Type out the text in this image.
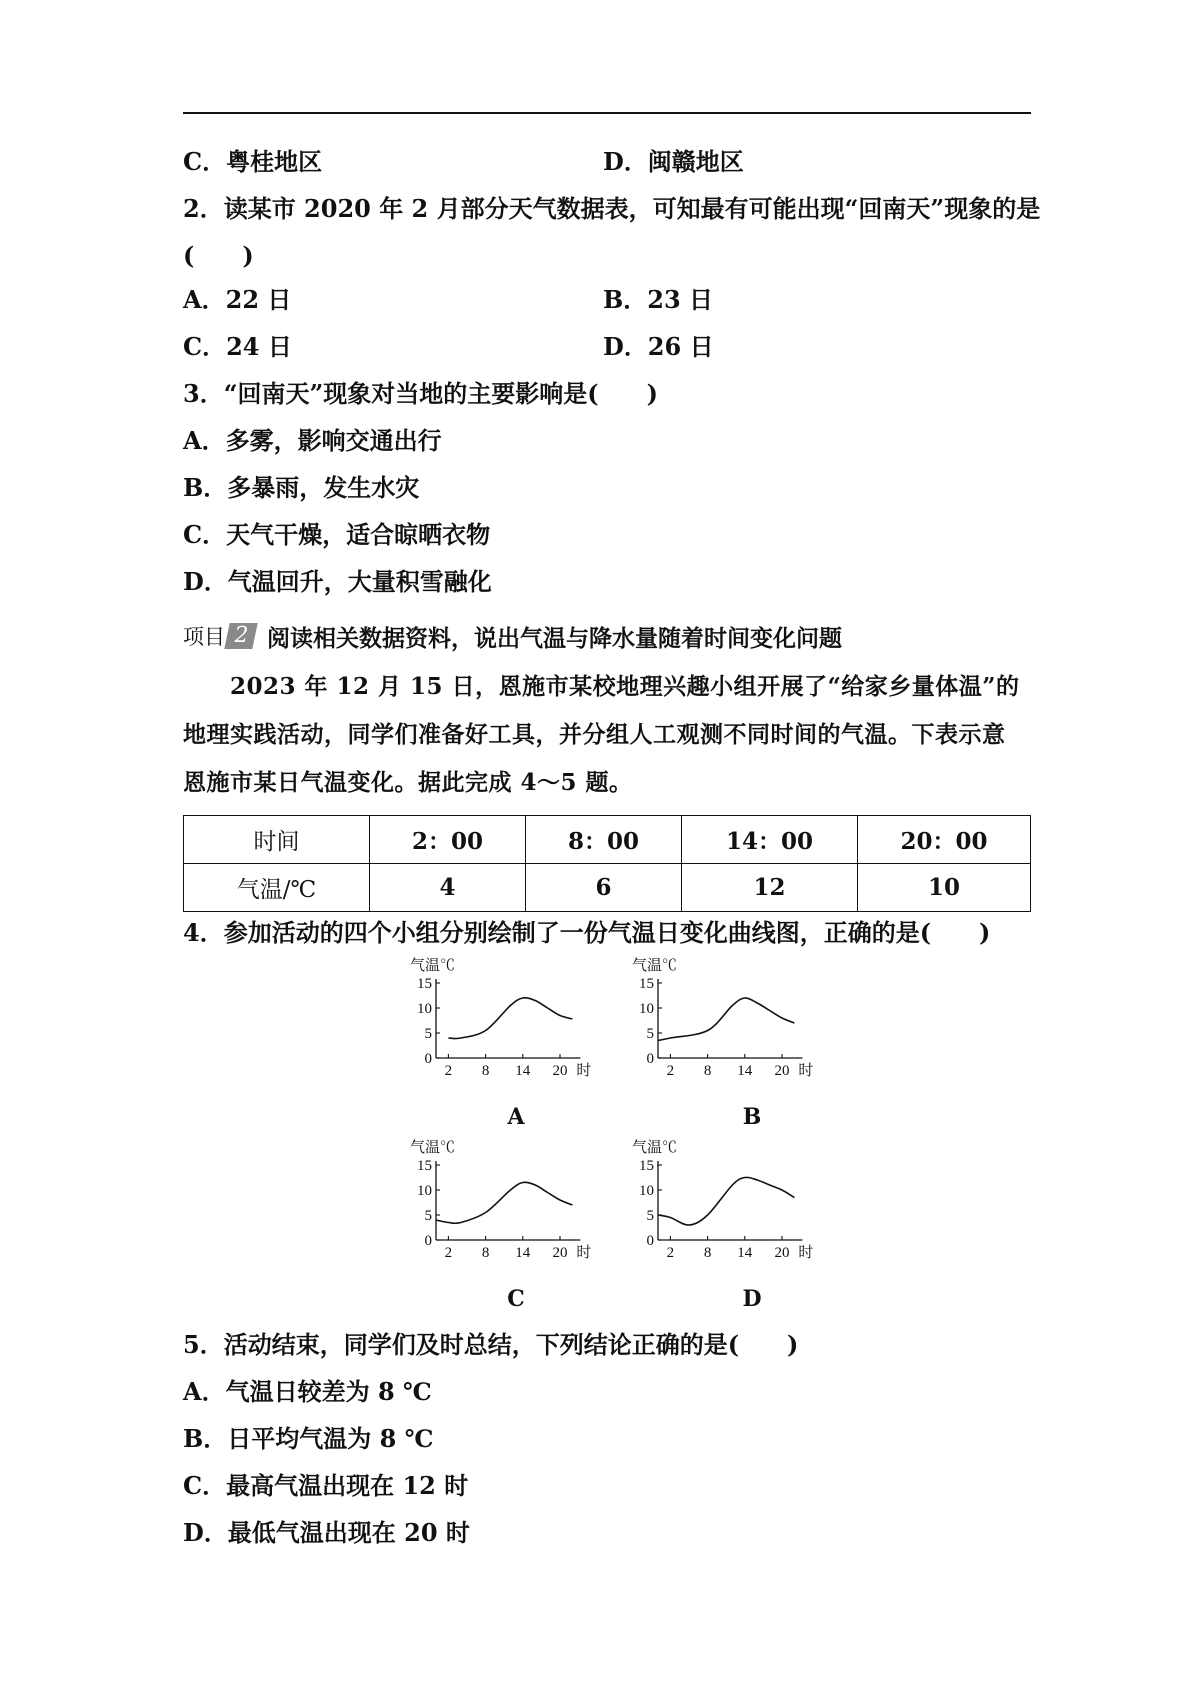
C．粤桂地区	D．闽赣地区
2．读某市 2020 年 2 月部分天气数据表，可知最有可能出现“回南天”现象的是
(　　)
A．22 日	B．23 日
C．24 日	D．26 日
3．“回南天”现象对当地的主要影响是(　　)
A．多雾，影响交通出行
B．多暴雨，发生水灾
C．天气干燥，适合晾晒衣物
D．气温回升，大量积雪融化
项目 2 阅读相关数据资料，说出气温与降水量随着时间变化问题
　　2023 年 12 月 15 日，恩施市某校地理兴趣小组开展了“给家乡量体温”的
地理实践活动，同学们准备好工具，并分组人工观测不同时间的气温。下表示意
恩施市某日气温变化。据此完成 4～5 题。
时间	2：00	8：00	14：00	20：00
气温/℃	4	6	12	10
4．参加活动的四个小组分别绘制了一份气温日变化曲线图，正确的是(　　)
气温℃
0
5
10
15
2 8 14 20 时
气温℃
0
5
10
15
2 8 14 20 时
气温℃
0
5
10
15
2 8 14 20 时
气温℃
0
5
10
15
2 8 14 20 时
A	B
C	D
5．活动结束，同学们及时总结，下列结论正确的是(　　)
A．气温日较差为 8 ℃
B．日平均气温为 8 ℃
C．最高气温出现在 12 时
D．最低气温出现在 20 时
